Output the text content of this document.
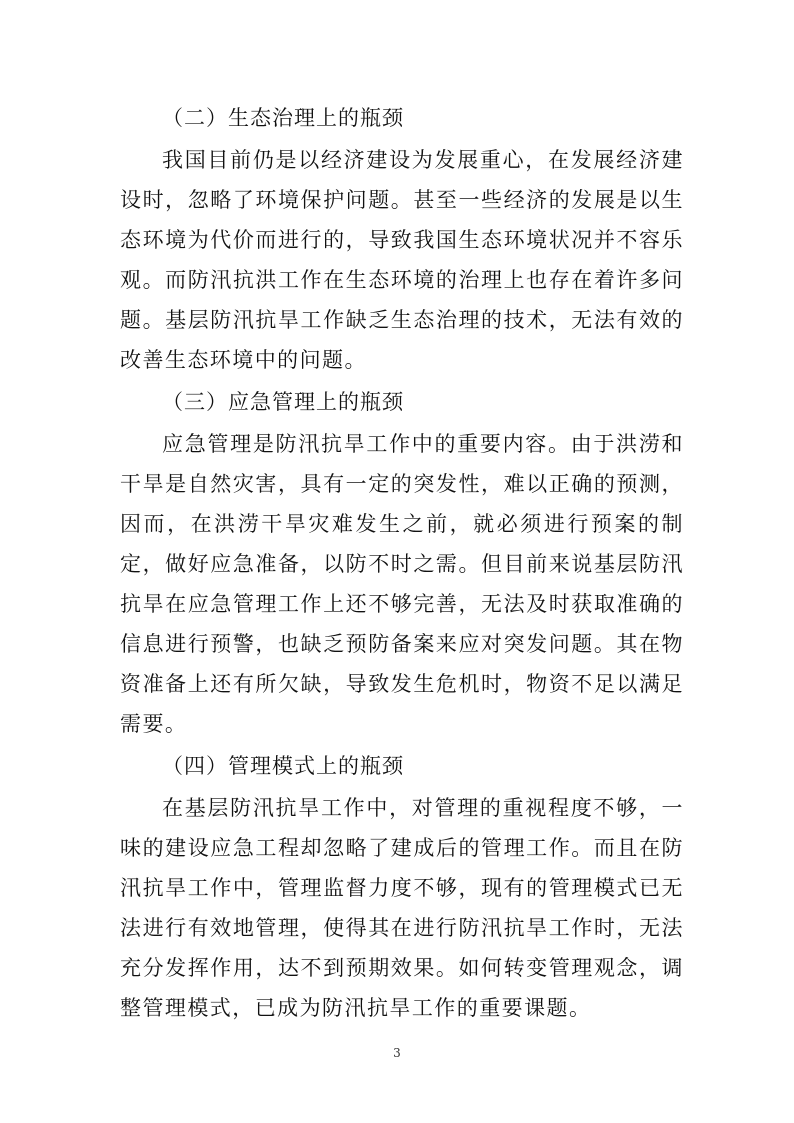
（二）生态治理上的瓶颈

我国目前仍是以经济建设为发展重心，在发展经济建设时，忽略了环境保护问题。甚至一些经济的发展是以生态环境为代价而进行的，导致我国生态环境状况并不容乐观。而防汛抗洪工作在生态环境的治理上也存在着许多问题。基层防汛抗旱工作缺乏生态治理的技术，无法有效的改善生态环境中的问题。

（三）应急管理上的瓶颈

应急管理是防汛抗旱工作中的重要内容。由于洪涝和干旱是自然灾害，具有一定的突发性，难以正确的预测，因而，在洪涝干旱灾难发生之前，就必须进行预案的制定，做好应急准备，以防不时之需。但目前来说基层防汛抗旱在应急管理工作上还不够完善，无法及时获取准确的信息进行预警，也缺乏预防备案来应对突发问题。其在物资准备上还有所欠缺，导致发生危机时，物资不足以满足需要。

（四）管理模式上的瓶颈

在基层防汛抗旱工作中，对管理的重视程度不够，一味的建设应急工程却忽略了建成后的管理工作。而且在防汛抗旱工作中，管理监督力度不够，现有的管理模式已无法进行有效地管理，使得其在进行防汛抗旱工作时，无法充分发挥作用，达不到预期效果。如何转变管理观念，调整管理模式，已成为防汛抗旱工作的重要课题。

3
